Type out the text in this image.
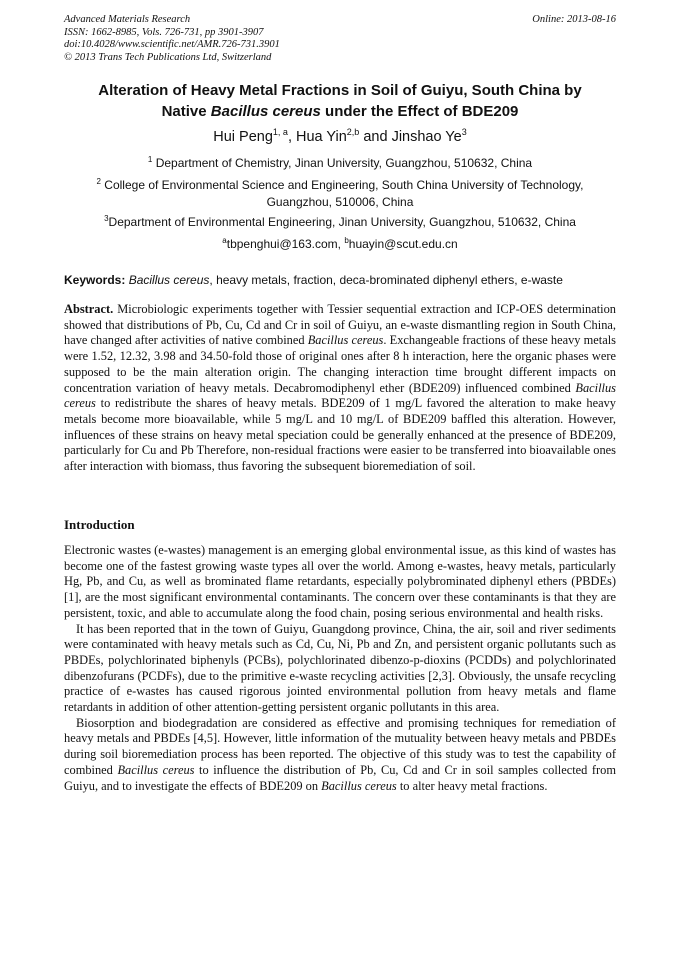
Advanced Materials Research
ISSN: 1662-8985, Vols. 726-731, pp 3901-3907
doi:10.4028/www.scientific.net/AMR.726-731.3901
© 2013 Trans Tech Publications Ltd, Switzerland
Online: 2013-08-16
Alteration of Heavy Metal Fractions in Soil of Guiyu, South China by
Native Bacillus cereus under the Effect of BDE209
Hui Peng$^{1, a}$, Hua Yin$^{2,b}$ and Jinshao Ye$^3$
$^1$ Department of Chemistry, Jinan University, Guangzhou, 510632, China
$^2$ College of Environmental Science and Engineering, South China University of Technology, Guangzhou, 510006, China
$^3$Department of Environmental Engineering, Jinan University, Guangzhou, 510632, China
$^a$tbpenghui@163.com, $^b$huayin@scut.edu.cn
Keywords: Bacillus cereus, heavy metals, fraction, deca-brominated diphenyl ethers, e-waste

Abstract. Microbiologic experiments together with Tessier sequential extraction and ICP-OES determination showed that distributions of Pb, Cu, Cd and Cr in soil of Guiyu, an e-waste dismantling region in South China, have changed after activities of native combined Bacillus cereus. Exchangeable fractions of these heavy metals were 1.52, 12.32, 3.98 and 34.50-fold those of original ones after 8 h interaction, here the organic phases were supposed to be the main alteration origin. The changing interaction time brought different impacts on concentration variation of heavy metals. Decabromodiphenyl ether (BDE209) influenced combined Bacillus cereus to redistribute the shares of heavy metals. BDE209 of 1 mg/L favored the alteration to make heavy metals become more bioavailable, while 5 mg/L and 10 mg/L of BDE209 baffled this alteration. However, influences of these strains on heavy metal speciation could be generally enhanced at the presence of BDE209, particularly for Cu and Pb Therefore, non-residual fractions were easier to be transferred into bioavailable ones after interaction with biomass, thus favoring the subsequent bioremediation of soil.

Introduction

Electronic wastes (e-wastes) management is an emerging global environmental issue, as this kind of wastes has become one of the fastest growing waste types all over the world. Among e-wastes, heavy metals, particularly Hg, Pb, and Cu, as well as brominated flame retardants, especially polybrominated diphenyl ethers (PBDEs) [1], are the most significant environmental contaminants. The concern over these contaminants is that they are persistent, toxic, and able to accumulate along the food chain, posing serious environmental and health risks.

It has been reported that in the town of Guiyu, Guangdong province, China, the air, soil and river sediments were contaminated with heavy metals such as Cd, Cu, Ni, Pb and Zn, and persistent organic pollutants such as PBDEs, polychlorinated biphenyls (PCBs), polychlorinated dibenzo-p-dioxins (PCDDs) and polychlorinated dibenzofurans (PCDFs), due to the primitive e-waste recycling activities [2,3]. Obviously, the unsafe recycling practice of e-wastes has caused rigorous jointed environmental pollution from heavy metals and flame retardants in addition of other attention-getting persistent organic pollutants in this area.

Biosorption and biodegradation are considered as effective and promising techniques for remediation of heavy metals and PBDEs [4,5]. However, little information of the mutuality between heavy metals and PBDEs during soil bioremediation process has been reported. The objective of this study was to test the capability of combined Bacillus cereus to influence the distribution of Pb, Cu, Cd and Cr in soil samples collected from Guiyu, and to investigate the effects of BDE209 on Bacillus cereus to alter heavy metal fractions.
